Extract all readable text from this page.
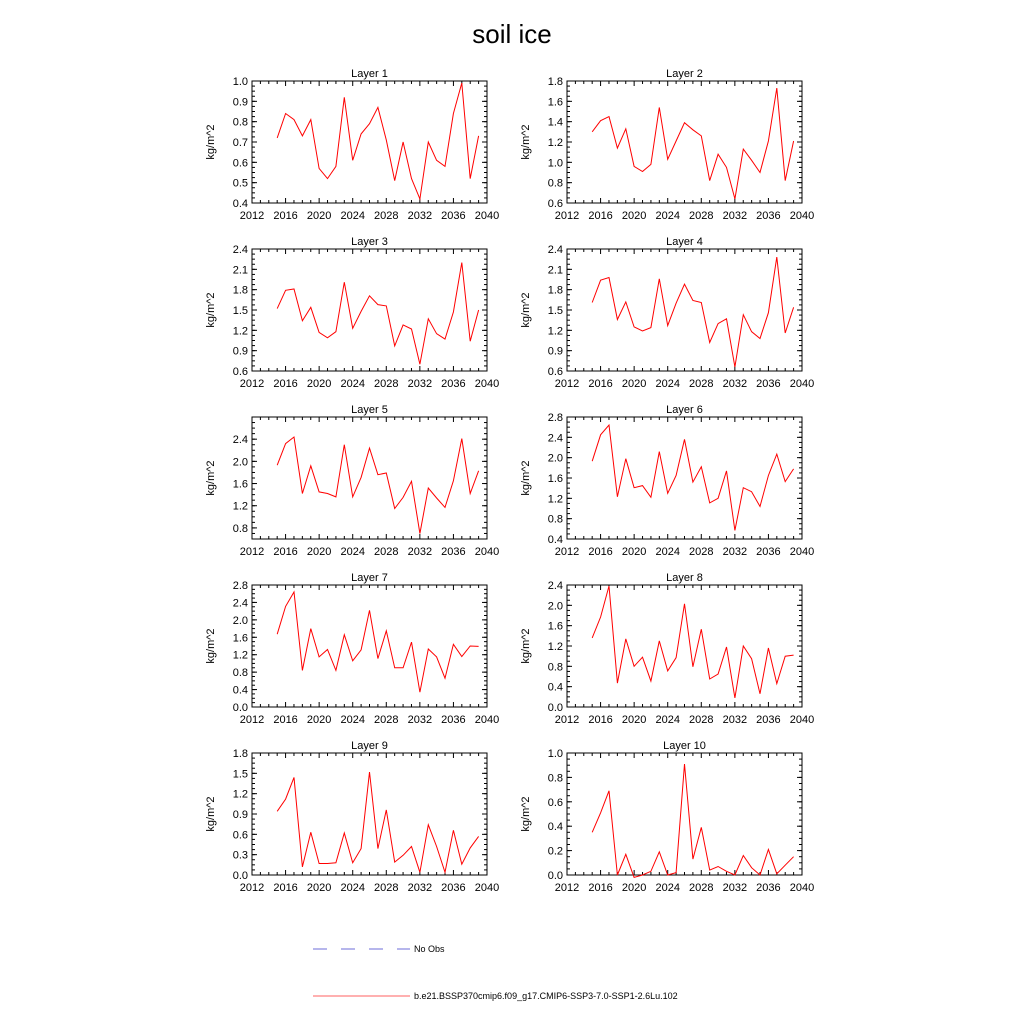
soil ice
Layer 1
kg/m^2
2012 2016 2020 2024 2028 2032 2036 2040
0.4
0.5
0.6
0.7
0.8
0.9
1.0
Layer 2
kg/m^2
2012 2016 2020 2024 2028 2032 2036 2040
0.6
0.8
1.0
1.2
1.4
1.6
1.8
Layer 3
kg/m^2
2012 2016 2020 2024 2028 2032 2036 2040
0.6
0.9
1.2
1.5
1.8
2.1
2.4
Layer 4
kg/m^2
2012 2016 2020 2024 2028 2032 2036 2040
0.6
0.9
1.2
1.5
1.8
2.1
2.4
Layer 5
kg/m^2
2012 2016 2020 2024 2028 2032 2036 2040
0.8
1.2
1.6
2.0
2.4
Layer 6
kg/m^2
2012 2016 2020 2024 2028 2032 2036 2040
0.4
0.8
1.2
1.6
2.0
2.4
2.8
Layer 7
kg/m^2
2012 2016 2020 2024 2028 2032 2036 2040
0.0
0.4
0.8
1.2
1.6
2.0
2.4
2.8
Layer 8
kg/m^2
2012 2016 2020 2024 2028 2032 2036 2040
0.0
0.4
0.8
1.2
1.6
2.0
2.4
Layer 9
kg/m^2
2012 2016 2020 2024 2028 2032 2036 2040
0.0
0.3
0.6
0.9
1.2
1.5
1.8
Layer 10
kg/m^2
2012 2016 2020 2024 2028 2032 2036 2040
0.0
0.2
0.4
0.6
0.8
1.0
No Obs
b.e21.BSSP370cmip6.f09_g17.CMIP6-SSP3-7.0-SSP1-2.6Lu.102
